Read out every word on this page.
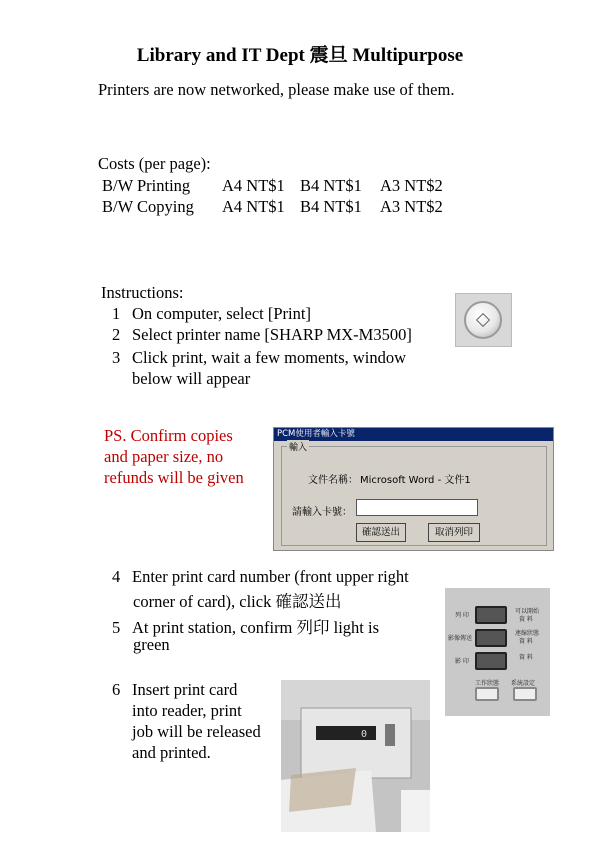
Library and IT Dept 震旦 Multipurpose
Printers are now networked, please make use of them.
Costs (per page):
B/W Printing A4 NT$1 B4 NT$1 A3 NT$2
B/W Copying A4 NT$1 B4 NT$1 A3 NT$2
Instructions:
1 On computer, select [Print]
2 Select printer name [SHARP MX-M3500]
3 Click print, wait a few moments, window
below will appear
PS. Confirm copies
and paper size, no
refunds will be given
PCM使用者輸入卡號
輸入
文件名稱： Microsoft Word - 文件1
請輸入卡號：
確認送出	取消列印
4 Enter print card number (front upper right
corner of card), click 確認送出
5 At print station, confirm 列印 light is
green
列 印
影像傳送
影 印
可以開始
資 料
連線狀態
資 料
資 料
工作狀態 系統設定
6 Insert print card
into reader, print
job will be released
and printed.
0
